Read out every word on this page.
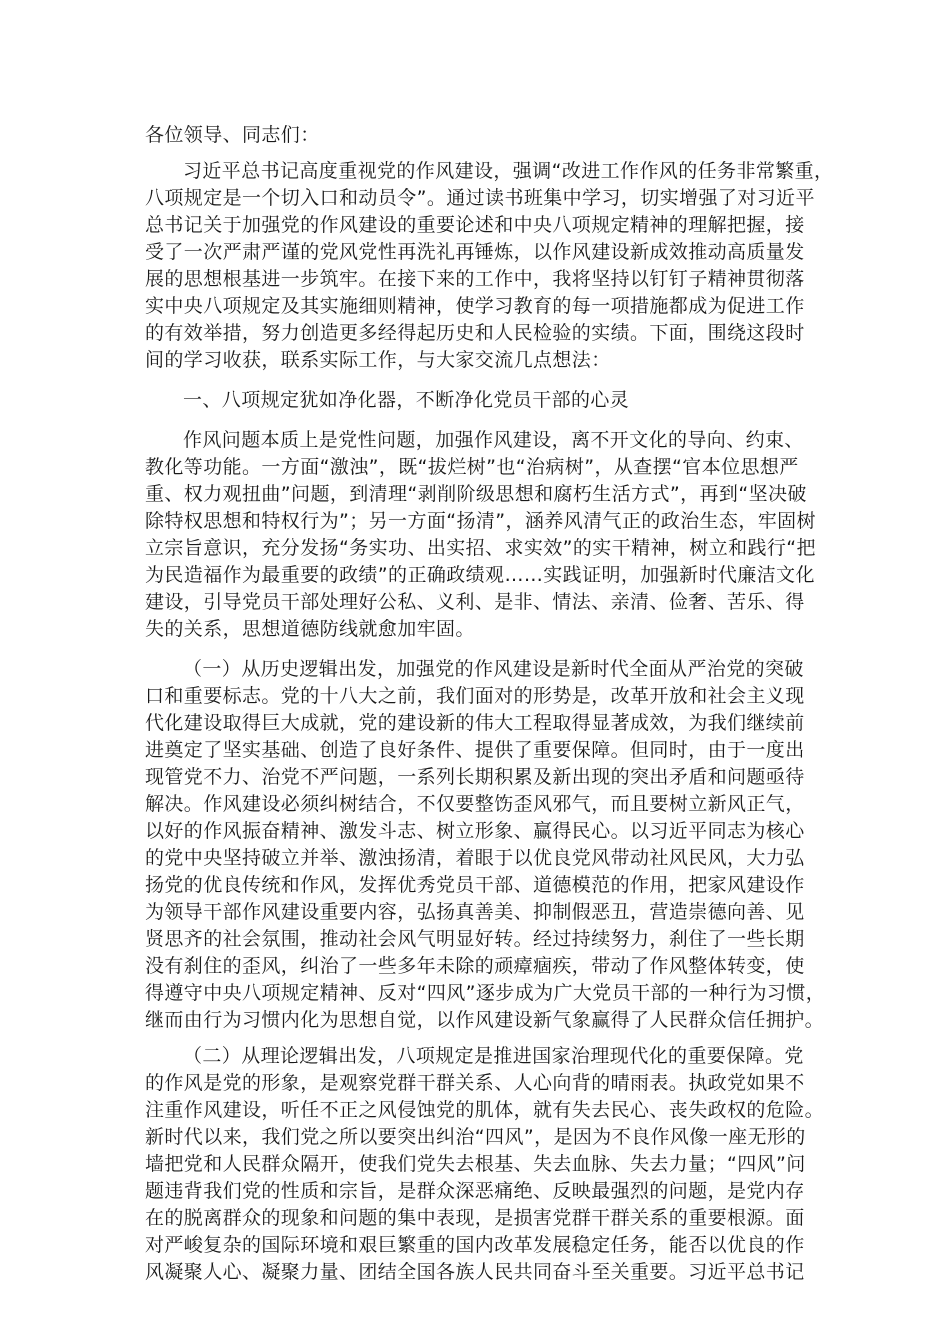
各位领导、同志们：
习近平总书记高度重视党的作风建设，强调“改进工作作风的任务非常繁重，
八项规定是一个切入口和动员令”。通过读书班集中学习，切实增强了对习近平
总书记关于加强党的作风建设的重要论述和中央八项规定精神的理解把握，接
受了一次严肃严谨的党风党性再洗礼再锤炼，以作风建设新成效推动高质量发
展的思想根基进一步筑牢。在接下来的工作中，我将坚持以钉钉子精神贯彻落
实中央八项规定及其实施细则精神，使学习教育的每一项措施都成为促进工作
的有效举措，努力创造更多经得起历史和人民检验的实绩。下面，围绕这段时
间的学习收获，联系实际工作，与大家交流几点想法：
一、八项规定犹如净化器，不断净化党员干部的心灵
作风问题本质上是党性问题，加强作风建设，离不开文化的导向、约束、
教化等功能。一方面“激浊”，既“拔烂树”也“治病树”，从查摆“官本位思想严
重、权力观扭曲”问题，到清理“剥削阶级思想和腐朽生活方式”，再到“坚决破
除特权思想和特权行为”；另一方面“扬清”，涵养风清气正的政治生态，牢固树
立宗旨意识，充分发扬“务实功、出实招、求实效”的实干精神，树立和践行“把
为民造福作为最重要的政绩”的正确政绩观……实践证明，加强新时代廉洁文化
建设，引导党员干部处理好公私、义利、是非、情法、亲清、俭奢、苦乐、得
失的关系，思想道德防线就愈加牢固。
（一）从历史逻辑出发，加强党的作风建设是新时代全面从严治党的突破
口和重要标志。党的十八大之前，我们面对的形势是，改革开放和社会主义现
代化建设取得巨大成就，党的建设新的伟大工程取得显著成效，为我们继续前
进奠定了坚实基础、创造了良好条件、提供了重要保障。但同时，由于一度出
现管党不力、治党不严问题，一系列长期积累及新出现的突出矛盾和问题亟待
解决。作风建设必须纠树结合，不仅要整饬歪风邪气，而且要树立新风正气，
以好的作风振奋精神、激发斗志、树立形象、赢得民心。以习近平同志为核心
的党中央坚持破立并举、激浊扬清，着眼于以优良党风带动社风民风，大力弘
扬党的优良传统和作风，发挥优秀党员干部、道德模范的作用，把家风建设作
为领导干部作风建设重要内容，弘扬真善美、抑制假恶丑，营造崇德向善、见
贤思齐的社会氛围，推动社会风气明显好转。经过持续努力，刹住了一些长期
没有刹住的歪风，纠治了一些多年未除的顽瘴痼疾，带动了作风整体转变，使
得遵守中央八项规定精神、反对“四风”逐步成为广大党员干部的一种行为习惯，
继而由行为习惯内化为思想自觉，以作风建设新气象赢得了人民群众信任拥护。
（二）从理论逻辑出发，八项规定是推进国家治理现代化的重要保障。党
的作风是党的形象，是观察党群干群关系、人心向背的晴雨表。执政党如果不
注重作风建设，听任不正之风侵蚀党的肌体，就有失去民心、丧失政权的危险。
新时代以来，我们党之所以要突出纠治“四风”，是因为不良作风像一座无形的
墙把党和人民群众隔开，使我们党失去根基、失去血脉、失去力量；“四风”问
题违背我们党的性质和宗旨，是群众深恶痛绝、反映最强烈的问题，是党内存
在的脱离群众的现象和问题的集中表现，是损害党群干群关系的重要根源。面
对严峻复杂的国际环境和艰巨繁重的国内改革发展稳定任务，能否以优良的作
风凝聚人心、凝聚力量、团结全国各族人民共同奋斗至关重要。习近平总书记
